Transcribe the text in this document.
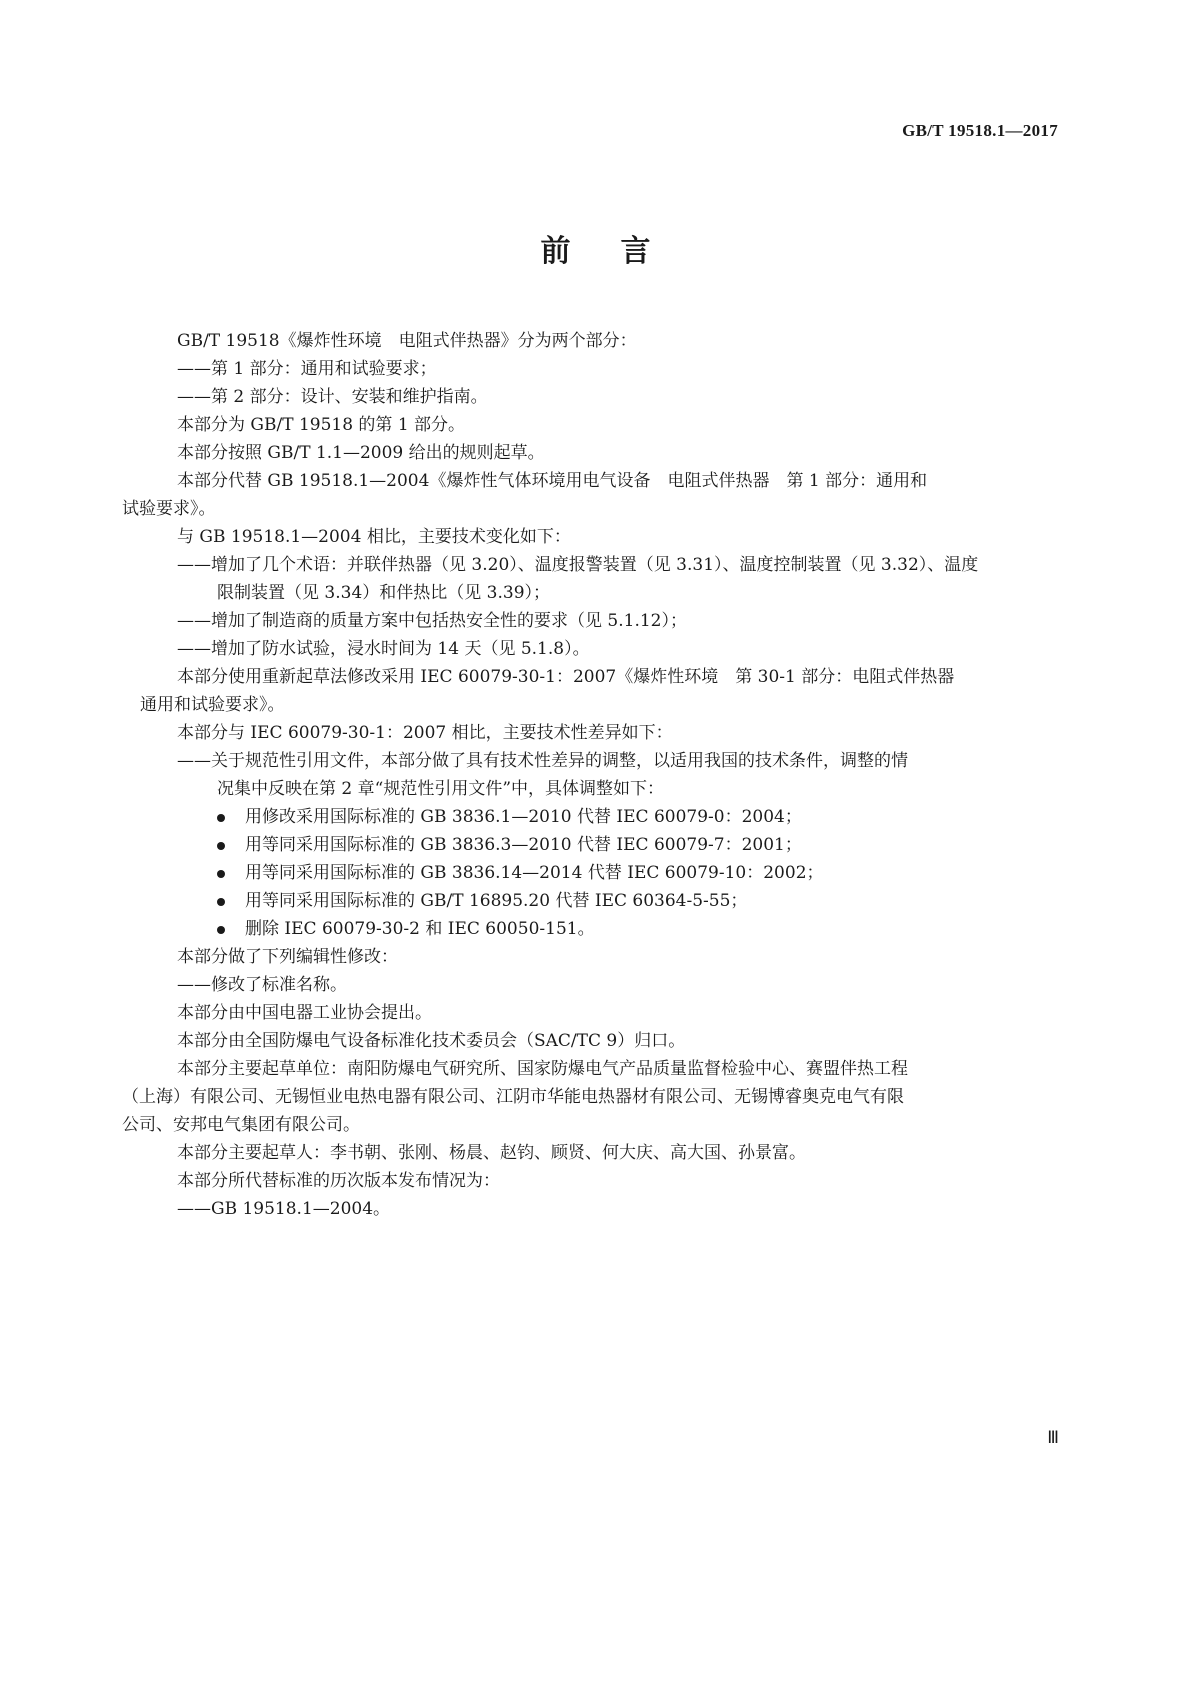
GB/T 19518.1—2017
前言
GB/T 19518《爆炸性环境　电阻式伴热器》分为两个部分：
——第 1 部分：通用和试验要求；
——第 2 部分：设计、安装和维护指南。
本部分为 GB/T 19518 的第 1 部分。
本部分按照 GB/T 1.1—2009 给出的规则起草。
本部分代替 GB 19518.1—2004《爆炸性气体环境用电气设备　电阻式伴热器　第 1 部分：通用和
试验要求》。
与 GB 19518.1—2004 相比，主要技术变化如下：
——增加了几个术语：并联伴热器（见 3.20）、温度报警装置（见 3.31）、温度控制装置（见 3.32）、温度
限制装置（见 3.34）和伴热比（见 3.39）；
——增加了制造商的质量方案中包括热安全性的要求（见 5.1.12）；
——增加了防水试验，浸水时间为 14 天（见 5.1.8）。
本部分使用重新起草法修改采用 IEC 60079-30-1：2007《爆炸性环境　第 30-1 部分：电阻式伴热器
通用和试验要求》。
本部分与 IEC 60079-30-1：2007 相比，主要技术性差异如下：
——关于规范性引用文件，本部分做了具有技术性差异的调整，以适用我国的技术条件，调整的情
况集中反映在第 2 章“规范性引用文件”中，具体调整如下：
用修改采用国际标准的 GB 3836.1—2010 代替 IEC 60079-0：2004；
用等同采用国际标准的 GB 3836.3—2010 代替 IEC 60079-7：2001；
用等同采用国际标准的 GB 3836.14—2014 代替 IEC 60079-10：2002；
用等同采用国际标准的 GB/T 16895.20 代替 IEC 60364-5-55；
删除 IEC 60079-30-2 和 IEC 60050-151。
本部分做了下列编辑性修改：
——修改了标准名称。
本部分由中国电器工业协会提出。
本部分由全国防爆电气设备标准化技术委员会（SAC/TC 9）归口。
本部分主要起草单位：南阳防爆电气研究所、国家防爆电气产品质量监督检验中心、赛盟伴热工程
（上海）有限公司、无锡恒业电热电器有限公司、江阴市华能电热器材有限公司、无锡博睿奥克电气有限
公司、安邦电气集团有限公司。
本部分主要起草人：李书朝、张刚、杨晨、赵钧、顾贤、何大庆、高大国、孙景富。
本部分所代替标准的历次版本发布情况为：
——GB 19518.1—2004。
Ⅲ
